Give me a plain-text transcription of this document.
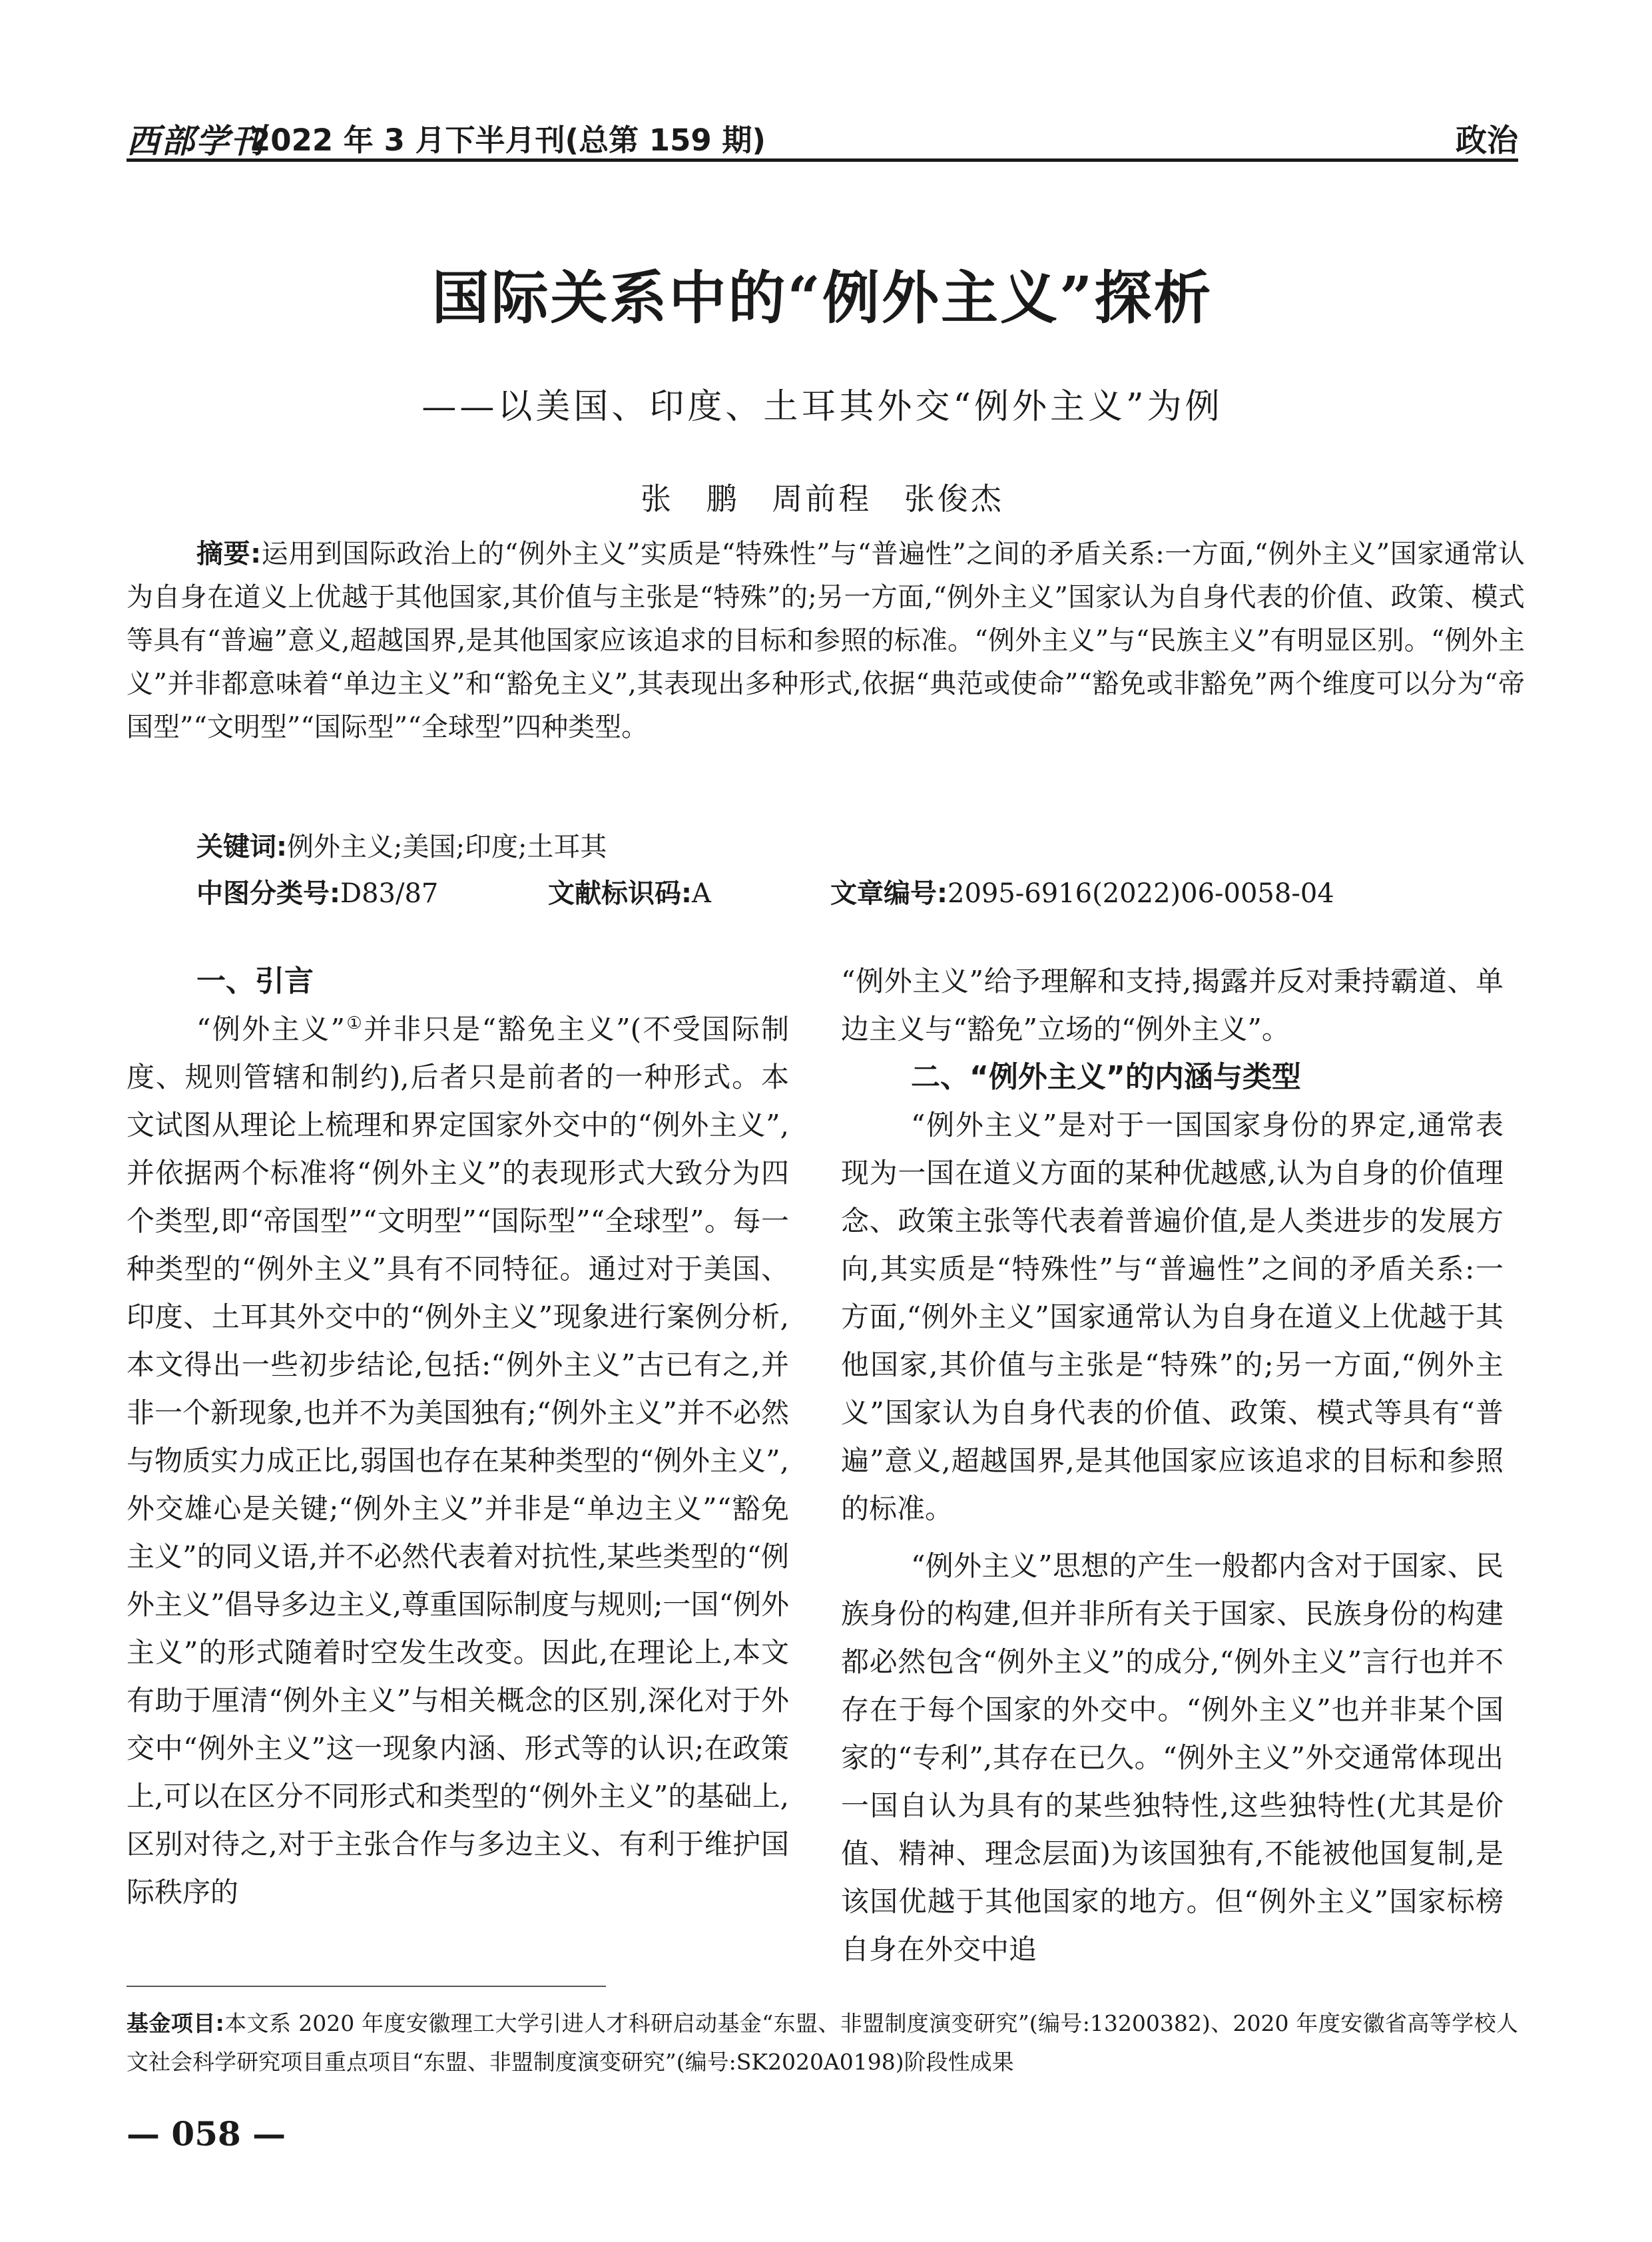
西部学刊
2022 年 3 月下半月刊(总第 159 期)	政治
国际关系中的“例外主义”探析
——以美国、印度、土耳其外交“例外主义”为例
张 鹏 周前程 张俊杰
摘要:运用到国际政治上的“例外主义”实质是“特殊性”与“普遍性”之间的矛盾关系:一方面,“例外主义”国家通常认为自身在道义上优越于其他国家,其价值与主张是“特殊”的;另一方面,“例外主义”国家认为自身代表的价值、政策、模式等具有“普遍”意义,超越国界,是其他国家应该追求的目标和参照的标准。“例外主义”与“民族主义”有明显区别。“例外主义”并非都意味着“单边主义”和“豁免主义”,其表现出多种形式,依据“典范或使命”“豁免或非豁免”两个维度可以分为“帝国型”“文明型”“国际型”“全球型”四种类型。
关键词:例外主义;美国;印度;土耳其
中图分类号:D83/87	文献标识码:A	文章编号:2095-6916(2022)06-0058-04
一、引言

“例外主义”①并非只是“豁免主义”(不受国际制度、规则管辖和制约),后者只是前者的一种形式。本文试图从理论上梳理和界定国家外交中的“例外主义”,并依据两个标准将“例外主义”的表现形式大致分为四个类型,即“帝国型”“文明型”“国际型”“全球型”。每一种类型的“例外主义”具有不同特征。通过对于美国、印度、土耳其外交中的“例外主义”现象进行案例分析,本文得出一些初步结论,包括:“例外主义”古已有之,并非一个新现象,也并不为美国独有;“例外主义”并不必然与物质实力成正比,弱国也存在某种类型的“例外主义”,外交雄心是关键;“例外主义”并非是“单边主义”“豁免主义”的同义语,并不必然代表着对抗性,某些类型的“例外主义”倡导多边主义,尊重国际制度与规则;一国“例外主义”的形式随着时空发生改变。因此,在理论上,本文有助于厘清“例外主义”与相关概念的区别,深化对于外交中“例外主义”这一现象内涵、形式等的认识;在政策上,可以在区分不同形式和类型的“例外主义”的基础上,区别对待之,对于主张合作与多边主义、有利于维护国际秩序的

“例外主义”给予理解和支持,揭露并反对秉持霸道、单边主义与“豁免”立场的“例外主义”。

二、“例外主义”的内涵与类型

“例外主义”是对于一国国家身份的界定,通常表现为一国在道义方面的某种优越感,认为自身的价值理念、政策主张等代表着普遍价值,是人类进步的发展方向,其实质是“特殊性”与“普遍性”之间的矛盾关系:一方面,“例外主义”国家通常认为自身在道义上优越于其他国家,其价值与主张是“特殊”的;另一方面,“例外主义”国家认为自身代表的价值、政策、模式等具有“普遍”意义,超越国界,是其他国家应该追求的目标和参照的标准。

“例外主义”思想的产生一般都内含对于国家、民族身份的构建,但并非所有关于国家、民族身份的构建都必然包含“例外主义”的成分,“例外主义”言行也并不存在于每个国家的外交中。“例外主义”也并非某个国家的“专利”,其存在已久。“例外主义”外交通常体现出一国自认为具有的某些独特性,这些独特性(尤其是价值、精神、理念层面)为该国独有,不能被他国复制,是该国优越于其他国家的地方。但“例外主义”国家标榜自身在外交中追

基金项目:本文系 2020 年度安徽理工大学引进人才科研启动基金“东盟、非盟制度演变研究”(编号:13200382)、2020 年度安徽省高等学校人文社会科学研究项目重点项目“东盟、非盟制度演变研究”(编号:SK2020A0198)阶段性成果
— 058 —
